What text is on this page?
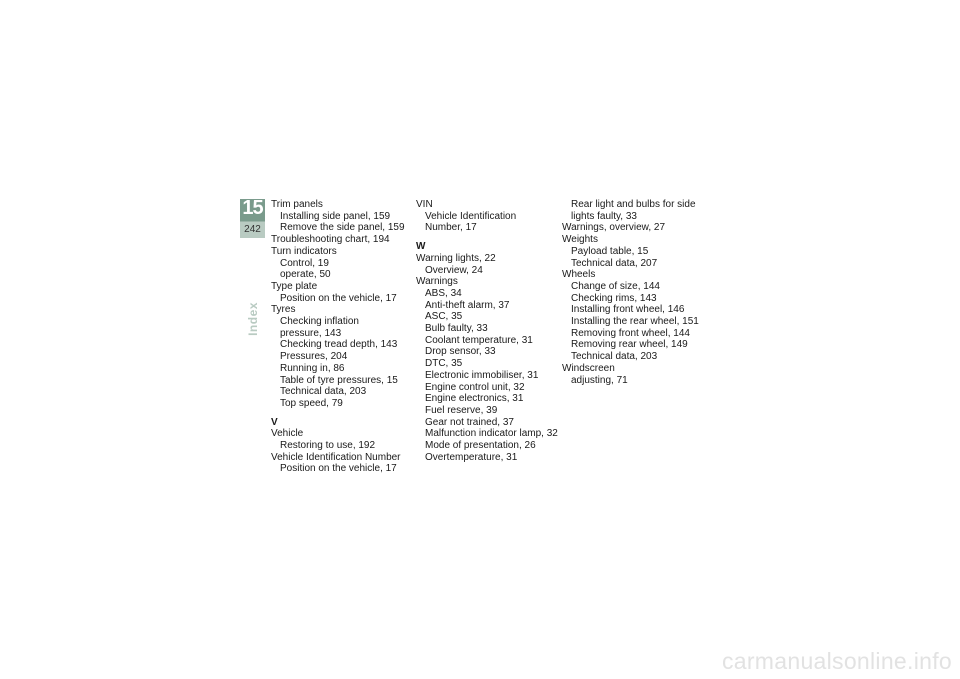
15
242
Index
Trim panels
Installing side panel, 159
Remove the side panel, 159
Troubleshooting chart, 194
Turn indicators
Control, 19
operate, 50
Type plate
Position on the vehicle, 17
Tyres
Checking inflation
pressure, 143
Checking tread depth, 143
Pressures, 204
Running in, 86
Table of tyre pressures, 15
Technical data, 203
Top speed, 79
V
Vehicle
Restoring to use, 192
Vehicle Identification Number
Position on the vehicle, 17
VIN
Vehicle Identification
Number, 17
W
Warning lights, 22
Overview, 24
Warnings
ABS, 34
Anti-theft alarm, 37
ASC, 35
Bulb faulty, 33
Coolant temperature, 31
Drop sensor, 33
DTC, 35
Electronic immobiliser, 31
Engine control unit, 32
Engine electronics, 31
Fuel reserve, 39
Gear not trained, 37
Malfunction indicator lamp, 32
Mode of presentation, 26
Overtemperature, 31
Rear light and bulbs for side
lights faulty, 33
Warnings, overview, 27
Weights
Payload table, 15
Technical data, 207
Wheels
Change of size, 144
Checking rims, 143
Installing front wheel, 146
Installing the rear wheel, 151
Removing front wheel, 144
Removing rear wheel, 149
Technical data, 203
Windscreen
adjusting, 71
carmanualsonline.info
